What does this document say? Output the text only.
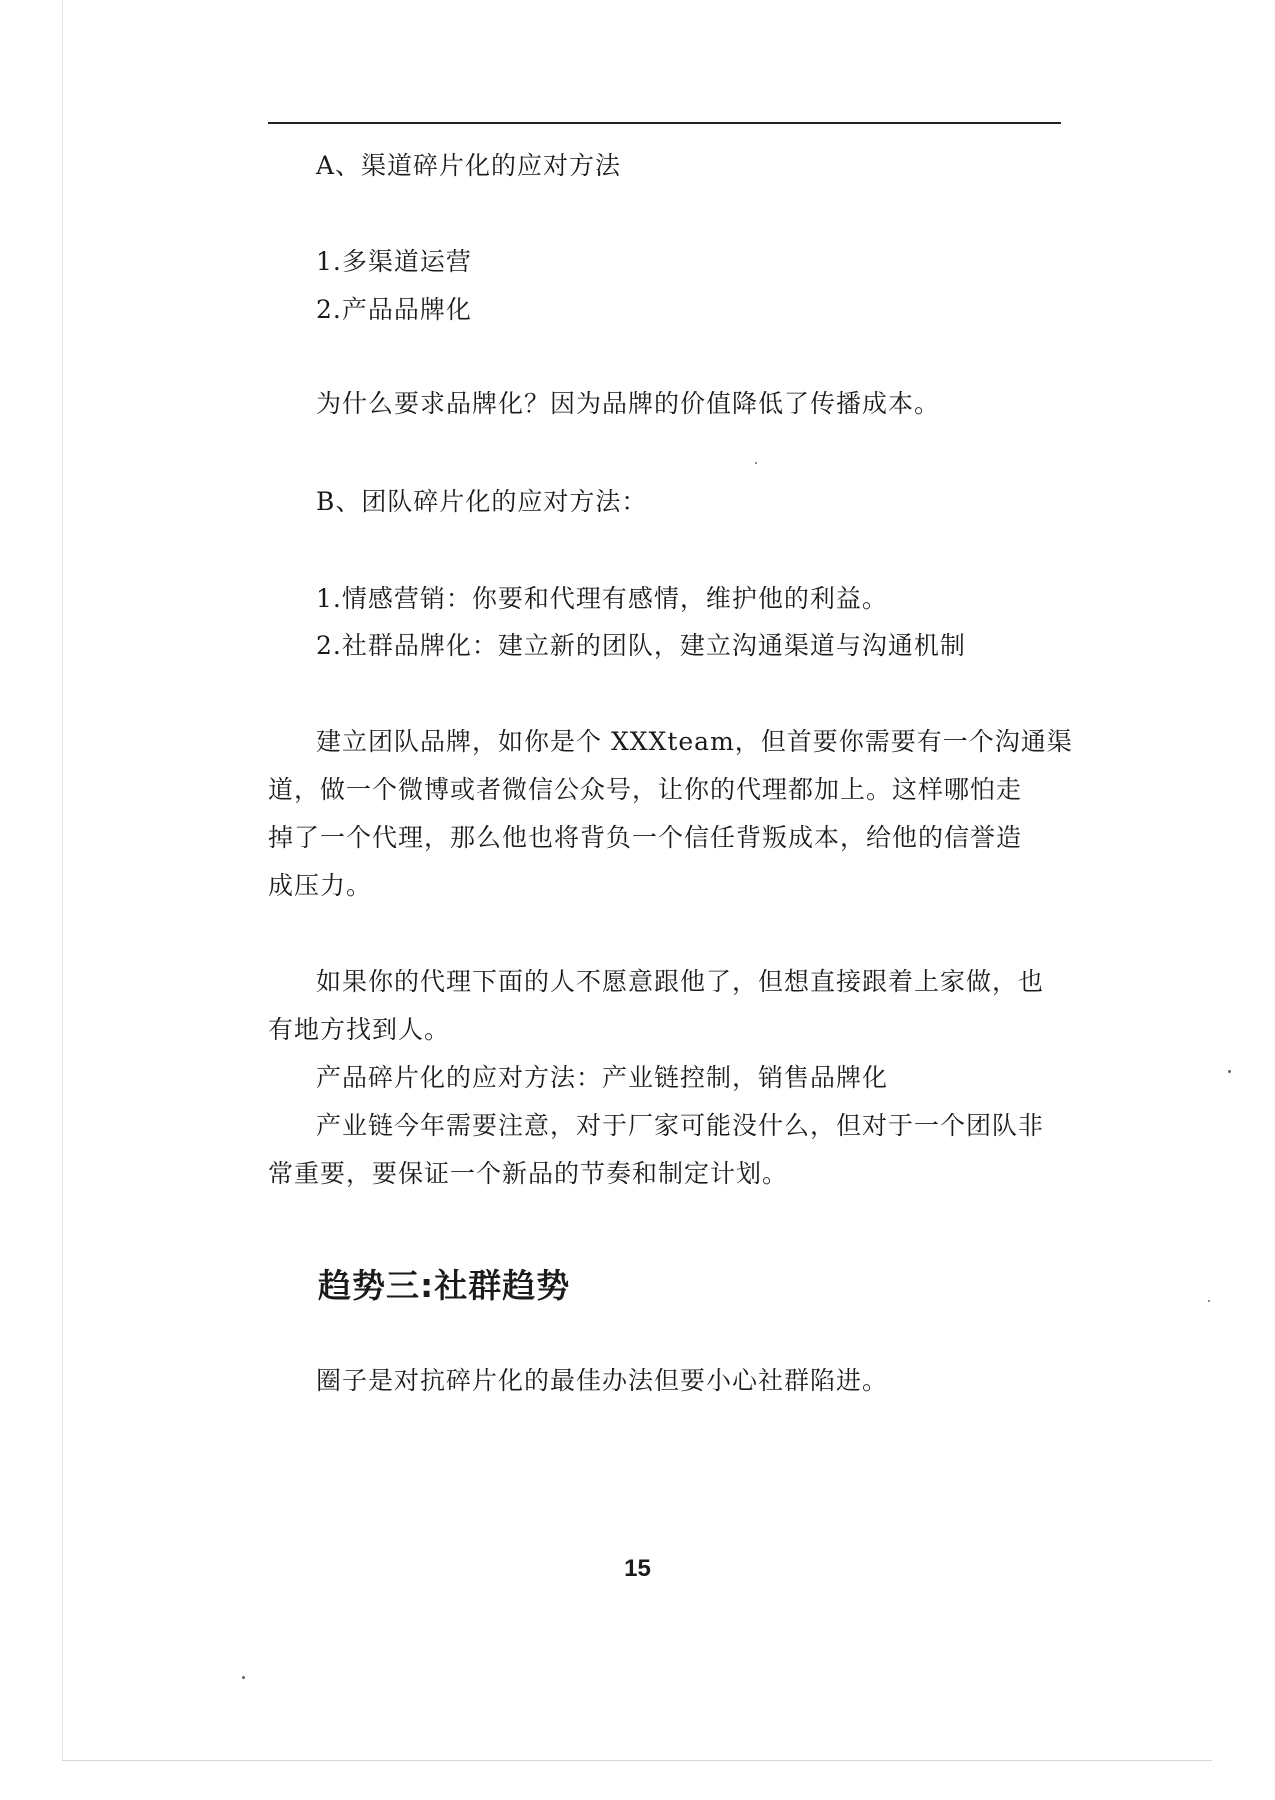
A、渠道碎片化的应对方法
1.多渠道运营
2.产品品牌化
为什么要求品牌化？因为品牌的价值降低了传播成本。
B、团队碎片化的应对方法：
1.情感营销：你要和代理有感情，维护他的利益。
2.社群品牌化：建立新的团队，建立沟通渠道与沟通机制
建立团队品牌，如你是个 XXXteam，但首要你需要有一个沟通渠
道，做一个微博或者微信公众号，让你的代理都加上。这样哪怕走
掉了一个代理，那么他也将背负一个信任背叛成本，给他的信誉造
成压力。
如果你的代理下面的人不愿意跟他了，但想直接跟着上家做，也
有地方找到人。
产品碎片化的应对方法：产业链控制，销售品牌化
产业链今年需要注意，对于厂家可能没什么，但对于一个团队非
常重要，要保证一个新品的节奏和制定计划。
趋势三:社群趋势
圈子是对抗碎片化的最佳办法但要小心社群陷进。
15
